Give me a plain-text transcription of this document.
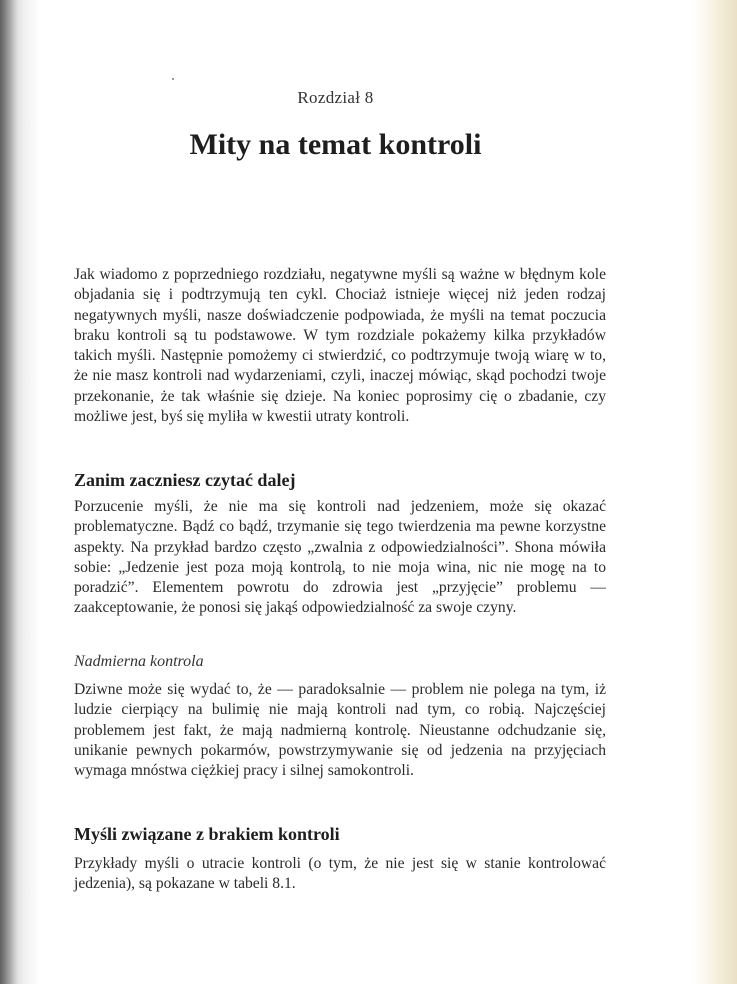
Rozdział 8
Mity na temat kontroli
Jak wiadomo z poprzedniego rozdziału, negatywne myśli są ważne w błędnym kole objadania się i podtrzymują ten cykl. Chociaż istnieje więcej niż jeden rodzaj negatywnych myśli, nasze doświadczenie podpowiada, że myśli na temat poczucia braku kontroli są tu podstawowe. W tym rozdziale pokażemy kilka przykładów takich myśli. Następnie pomożemy ci stwierdzić, co podtrzymuje twoją wiarę w to, że nie masz kontroli nad wydarzeniami, czyli, inaczej mówiąc, skąd pochodzi twoje przekonanie, że tak właśnie się dzieje. Na koniec poprosimy cię o zbadanie, czy możliwe jest, byś się myliła w kwestii utraty kontroli.
Zanim zaczniesz czytać dalej
Porzucenie myśli, że nie ma się kontroli nad jedzeniem, może się okazać problematyczne. Bądź co bądź, trzymanie się tego twierdzenia ma pewne korzystne aspekty. Na przykład bardzo często „zwalnia z odpowiedzialności”. Shona mówiła sobie: „Jedzenie jest poza moją kontrolą, to nie moja wina, nic nie mogę na to poradzić”. Elementem powrotu do zdrowia jest „przyjęcie” problemu — zaakceptowanie, że ponosi się jakąś odpowiedzialność za swoje czyny.
Nadmierna kontrola
Dziwne może się wydać to, że — paradoksalnie — problem nie polega na tym, iż ludzie cierpiący na bulimię nie mają kontroli nad tym, co robią. Najczęściej problemem jest fakt, że mają nadmierną kontrolę. Nieustanne odchudzanie się, unikanie pewnych pokarmów, powstrzymywanie się od jedzenia na przyjęciach wymaga mnóstwa ciężkiej pracy i silnej samokontroli.
Myśli związane z brakiem kontroli
Przykłady myśli o utracie kontroli (o tym, że nie jest się w stanie kontrolować jedzenia), są pokazane w tabeli 8.1.
